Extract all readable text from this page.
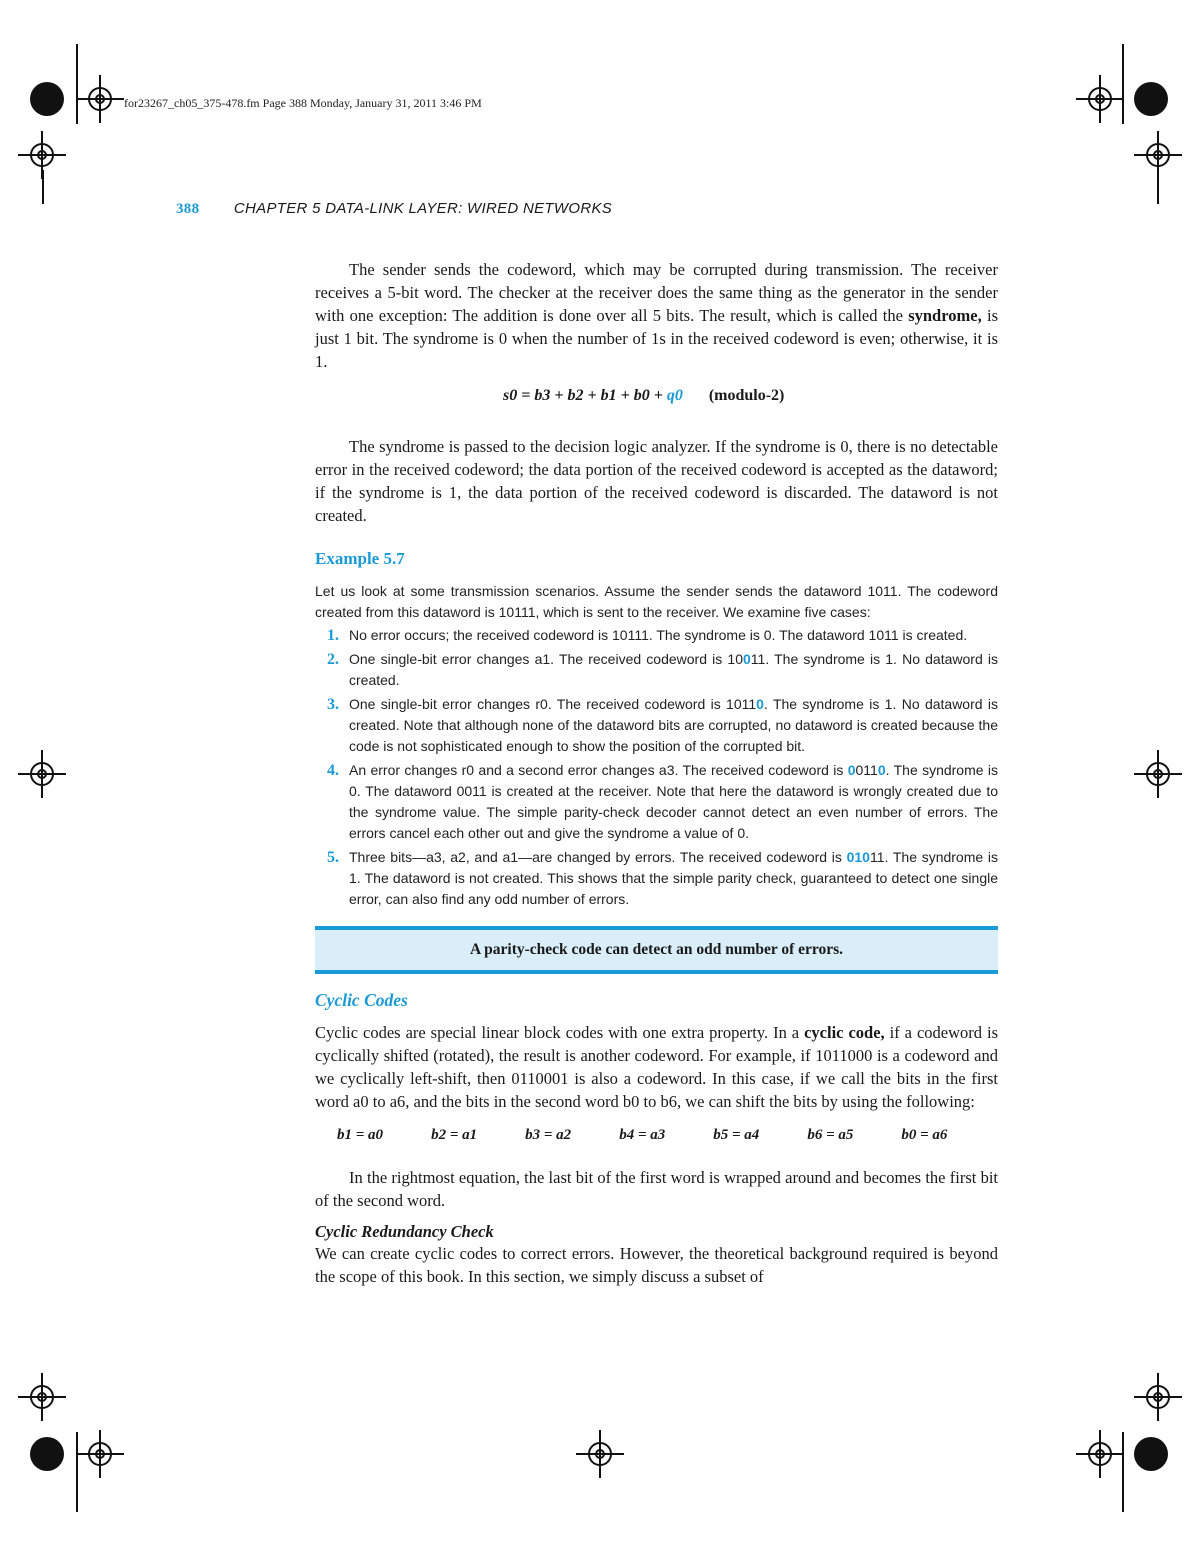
for23267_ch05_375-478.fm Page 388 Monday, January 31, 2011 3:46 PM
388 CHAPTER 5 DATA-LINK LAYER: WIRED NETWORKS

The sender sends the codeword, which may be corrupted during transmission. The receiver receives a 5-bit word. The checker at the receiver does the same thing as the generator in the sender with one exception: The addition is done over all 5 bits. The result, which is called the syndrome, is just 1 bit. The syndrome is 0 when the number of 1s in the received codeword is even; otherwise, it is 1.

s0 = b3 + b2 + b1 + b0 + q0 (modulo-2)

The syndrome is passed to the decision logic analyzer. If the syndrome is 0, there is no detectable error in the received codeword; the data portion of the received codeword is accepted as the dataword; if the syndrome is 1, the data portion of the received codeword is discarded. The dataword is not created.

Example 5.7

Let us look at some transmission scenarios. Assume the sender sends the dataword 1011. The codeword created from this dataword is 10111, which is sent to the receiver. We examine five cases:

1. No error occurs; the received codeword is 10111. The syndrome is 0. The dataword 1011 is created.
2. One single-bit error changes a1. The received codeword is 10011. The syndrome is 1. No dataword is created.
3. One single-bit error changes r0. The received codeword is 10110. The syndrome is 1. No dataword is created. Note that although none of the dataword bits are corrupted, no dataword is created because the code is not sophisticated enough to show the position of the corrupted bit.
4. An error changes r0 and a second error changes a3. The received codeword is 00110. The syndrome is 0. The dataword 0011 is created at the receiver. Note that here the dataword is wrongly created due to the syndrome value. The simple parity-check decoder cannot detect an even number of errors. The errors cancel each other out and give the syndrome a value of 0.
5. Three bits—a3, a2, and a1—are changed by errors. The received codeword is 01011. The syndrome is 1. The dataword is not created. This shows that the simple parity check, guaranteed to detect one single error, can also find any odd number of errors.
A parity-check code can detect an odd number of errors.
Cyclic Codes

Cyclic codes are special linear block codes with one extra property. In a cyclic code, if a codeword is cyclically shifted (rotated), the result is another codeword. For example, if 1011000 is a codeword and we cyclically left-shift, then 0110001 is also a codeword. In this case, if we call the bits in the first word a0 to a6, and the bits in the second word b0 to b6, we can shift the bits by using the following:

b1 = a0	b2 = a1	b3 = a2	b4 = a3	b5 = a4	b6 = a5	b0 = a6

In the rightmost equation, the last bit of the first word is wrapped around and becomes the first bit of the second word.

Cyclic Redundancy Check

We can create cyclic codes to correct errors. However, the theoretical background required is beyond the scope of this book. In this section, we simply discuss a subset of
